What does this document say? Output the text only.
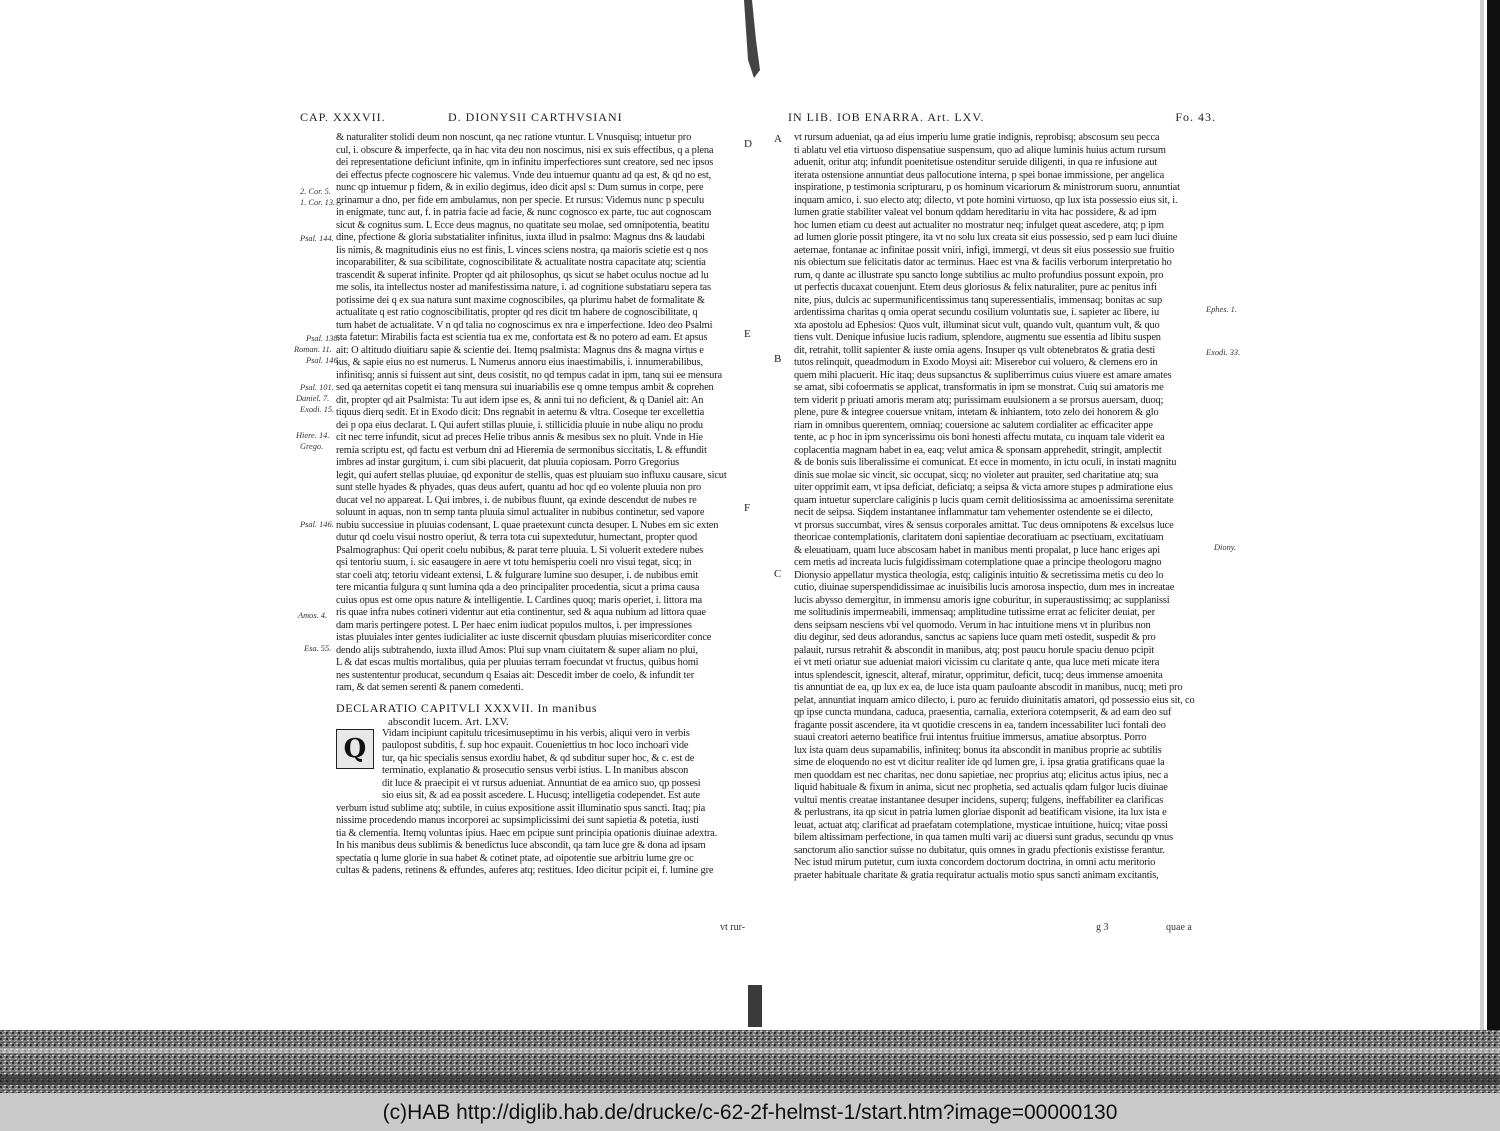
CAP. XXXVII.	D. DIONYSII CARTHVSIANI
& naturaliter stolidi deum non noscunt, qa nec ratione vtuntur. L Vnusquisq; intuetur pro
cul, i. obscure & imperfecte, qa in hac vita deu non noscimus, nisi ex suis effectibus, q a plena
dei representatione deficiunt infinite, qm in infinitu imperfectiores sunt creatore, sed nec ipsos
dei effectus pfecte cognoscere hic valemus. Vnde deu intuemur quantu ad qa est, & qd no est,
nunc qp intuemur p fidem, & in exilio degimus, ideo dicit apsl s: Dum sumus in corpe, pere
grinamur a dno, per fide em ambulamus, non per specie. Et rursus: Videmus nunc p speculu
in enigmate, tunc aut, f. in patria facie ad facie, & nunc cognosco ex parte, tuc aut cognoscam
sicut & cognitus sum. L Ecce deus magnus, no quatitate seu molae, sed omnipotentia, beatitu
dine, pfectione & gloria substatialiter infinitus, iuxta illud in psalmo: Magnus dns & laudabi
lis nimis, & magnitudinis eius no est finis, L vinces sciens nostra, qa maioris scietie est q nos
incoparabiliter, & sua scibilitate, cognoscibilitate & actualitate nostra capacitate atq; scientia
trascendit & superat infinite. Propter qd ait philosophus, qs sicut se habet oculus noctue ad lu
me solis, ita intellectus noster ad manifestissima nature, i. ad cognitione substatiaru sepera tas
potissime dei q ex sua natura sunt maxime cognoscibiles, qa plurimu habet de formalitate &
actualitate q est ratio cognoscibilitatis, propter qd res dicit tm habere de cognoscibilitate, q
tum habet de actualitate. V n qd talia no cognoscimus ex nra e imperfectione. Ideo deo Psalmi
sta fatetur: Mirabilis facta est scientia tua ex me, confortata est & no potero ad eam. Et apsus
ait: O altitudo diuitiaru sapie & scientie dei. Itemq psalmista: Magnus dns & magna virtus e
ius, & sapie eius no est numerus. L Numerus annoru eius inaestimabilis, i. innumerabilibus,
infinitisq; annis si fuissent aut sint, deus cosistit, no qd tempus cadat in ipm, tanq sui ee mensura
sed qa aeternitas copetit ei tanq mensura sui inuariabilis ese q omne tempus ambit & coprehen
dit, propter qd ait Psalmista: Tu aut idem ipse es, & anni tui no deficient, & q Daniel ait: An
tiquus dierq sedit. Et in Exodo dicit: Dns regnabit in aeternu & vltra. Coseque ter excellettia
dei p opa eius declarat. L Qui aufert stillas pluuie, i. stillicidia pluuie in nube aliqu no produ
cit nec terre infundit, sicut ad preces Helie tribus annis & mesibus sex no pluit. Vnde in Hie
remia scriptu est, qd factu est verbum dni ad Hieremia de sermonibus siccitatis, L & effundit
imbres ad instar gurgitum, i. cum sibi placuerit, dat pluuia copiosam. Porro Gregorius
legit, qui aufert stellas pluuiae, qd exponitur de stellis, quas est pluuiam suo influxu causare, sicut
sunt stelle hyades & phyades, quas deus aufert, quantu ad hoc qd eo volente pluuia non pro
ducat vel no appareat. L Qui imbres, i. de nubibus fluunt, qa exinde descendut de nubes re
soluunt in aquas, non tn semp tanta pluuia simul actualiter in nubibus continetur, sed vapore
nubiu successiue in pluuias codensant, L quae praetexunt cuncta desuper. L Nubes em sic exten
dutur qd coelu visui nostro operiut, & terra tota cui supextedutur, humectant, propter quod
Psalmographus: Qui operit coelu nubibus, & parat terre pluuia. L Si voluerit extedere nubes
qsi tentoriu suum, i. sic easaugere in aere vt totu hemisperiu coeli nro visui tegat, sicq; in
star coeli atq; tetoriu videant extensi, L & fulgurare lumine suo desuper, i. de nubibus emit
tere micantia fulgura q sunt lumina qda a deo principaliter procedentia, sicut a prima causa
cuius opus est ome opus nature & intelligentie. L Cardines quoq; maris operiet, i. littora ma
ris quae infra nubes cotineri videntur aut etia continentur, sed & aqua nubium ad littora quae
dam maris pertingere potest. L Per haec enim iudicat populos multos, i. per impressiones
istas pluuiales inter gentes iudicialiter ac iuste discernit qbusdam pluuias misericorditer conce
dendo alijs subtrahendo, iuxta illud Amos: Plui sup vnam ciuitatem & super aliam no plui,
L & dat escas multis mortalibus, quia per pluuias terram foecundat vt fructus, quibus homi
nes sustententur producat, secundum q Esaias ait: Descedit imber de coelo, & infundit ter
ram, & dat semen serenti & panem comedenti.
DECLARATIO CAPITVLI XXXVII. In manibus
abscondit lucem. Art. LXV.
Q
Vidam incipiunt capitulu tricesimuseptimu in his verbis, aliqui vero in verbis
paulopost subditis, f. sup hoc expauit. Coueniettius tn hoc loco inchoari vide
tur, qa hic specialis sensus exordiu habet, & qd subditur super hoc, & c. est de
terminatio, explanatio & prosecutio sensus verbi istius. L In manibus abscon
dit luce & praecipit ei vt rursus adueniat. Annuntiat de ea amico suo, qp possesi
sio eius sit, & ad ea possit ascedere. L Hucusq; intelligetia codependet. Est aute
verbum istud sublime atq; subtile, in cuius expositione assit illuminatio spus sancti. Itaq; pia
nissime procedendo manus incorporei ac supsimplicissimi dei sunt sapietia & potetia, iusti
tia & clementia. Itemq voluntas ipius. Haec em pcipue sunt principia opationis diuinae adextra.
In his manibus deus sublimis & benedictus luce abscondit, qa tam luce gre & dona ad ipsam
spectatia q lume glorie in sua habet & cotinet ptate, ad oipotentie sue arbitriu lume gre oc
cultas & padens, retinens & effundes, auferes atq; restitues. Ideo dicitur pcipit ei, f. lumine gre
vt rur-
2. Cor. 5.
1. Cor. 13.
Psal. 144.
Psal. 138.
Roman. 11.
Psal. 146.
Psal. 101.
Daniel. 7.
Exodi. 15.
Hiere. 14.
Grego.
Psal. 146.
Amos. 4.
Esa. 55.
D
E
F
IN LIB. IOB ENARRA. Art. LXV.	Fo. 43.
vt rursum adueniat, qa ad eius imperiu lume gratie indignis, reprobisq; abscosum seu pecca
ti ablatu vel etia virtuoso dispensatiue suspensum, quo ad alique luminis huius actum rursum
aduenit, oritur atq; infundit poenitetisue ostenditur seruide diligenti, in qua re infusione aut
iterata ostensione annuntiat deus pallocutione interna, p spei bonae immissione, per angelica
inspiratione, p testimonia scripturaru, p os hominum vicariorum & ministrorum suoru, annuntiat
inquam amico, i. suo electo atq; dilecto, vt pote homini virtuoso, qp lux ista possessio eius sit, i.
lumen gratie stabiliter valeat vel bonum qddam hereditariu in vita hac possidere, & ad ipm
hoc lumen etiam cu deest aut actualiter no mostratur neq; infulget queat ascedere, atq; p ipm
ad lumen glorie possit ptingere, ita vt no solu lux creata sit eius possessio, sed p eam luci diuine
aeternae, fontanae ac infinitae possit vniri, infigi, immergi, vt deus sit eius possessio sue fruitio
nis obiectum sue felicitatis dator ac terminus. Haec est vna & facilis verborum interpretatio ho
rum, q dante ac illustrate spu sancto longe subtilius ac multo profundius possunt expoin, pro
ut perfectis ducaxat couenjunt. Etem deus gloriosus & felix naturaliter, pure ac penitus infi
nite, pius, dulcis ac supermunificentissimus tanq superessentialis, immensaq; bonitas ac sup
ardentissima charitas q omia operat secundu cosilium voluntatis sue, i. sapieter ac libere, iu
xta apostolu ad Ephesios: Quos vult, illuminat sicut vult, quando vult, quantum vult, & quo
tiens vult. Denique infusiue lucis radium, splendore, augmentu sue essentia ad libitu suspen
dit, retrahit, tollit sapienter & iuste omia agens. Insuper qs vult obtenebratos & gratia desti
tutos relinquit, queadmodum in Exodo Moysi ait: Miserebor cui voluero, & clemens ero in
quem mihi placuerit. Hic itaq; deus supsanctus & supliberrimus cuius viuere est amare amates
se amat, sibi cofoermatis se applicat, transformatis in ipm se monstrat. Cuiq sui amatoris me
tem viderit p priuati amoris meram atq; purissimam euulsionem a se prorsus auersam, duoq;
plene, pure & integree couersue vnitam, intetam & inhiantem, toto zelo dei honorem & glo
riam in omnibus querentem, omniaq; couersione ac salutem cordialiter ac efficaciter appe
tente, ac p hoc in ipm syncerissimu ois boni honesti affectu mutata, cu inquam tale viderit ea
coplacentia magnam habet in ea, eaq; velut amica & sponsam apprehedit, stringit, amplectit
& de bonis suis liberalissime ei comunicat. Et ecce in momento, in ictu oculi, in instati magnitu
dinis sue molae sic vincit, sic occupat, sicq; no violeter aut prauiter, sed charitatiue atq; sua
uiter opprimit eam, vt ipsa deficiat, deficiatq; a seipsa & victa amore stupes p admiratione eius
quam intuetur superclare caliginis p lucis quam cernit delitiosissima ac amoenissima serenitate
necit de seipsa. Siqdem instantanee inflammatur tam vehementer ostendente se ei dilecto,
vt prorsus succumbat, vires & sensus corporales amittat. Tuc deus omnipotens & excelsus luce
theoricae contemplationis, claritatem doni sapientiae decoratiuam ac psectiuam, excitatiuam
& eleuatiuam, quam luce abscosam habet in manibus menti propalat, p luce hanc eriges api
cem metis ad increata lucis fulgidissimam cotemplatione quae a principe theologoru magno
Dionysio appellatur mystica theologia, estq; caliginis intuitio & secretissima metis cu deo lo
cutio, diuinae superspendidissimae ac inuisibilis lucis amorosa inspectio, dum mes in increatae
lucis abysso demergitur, in immensu amoris igne coburitur, in superaustissimq; ac supplanissi
me solitudinis impermeabili, immensaq; amplitudine tutissime errat ac feliciter deuiat, per
dens seipsam nesciens vbi vel quomodo. Verum in hac intuitione mens vt in pluribus non
diu degitur, sed deus adorandus, sanctus ac sapiens luce quam meti ostedit, suspedit & pro
palauit, rursus retrahit & abscondit in manibus, atq; post paucu horule spaciu denuo pcipit
ei vt meti oriatur sue adueniat maiori vicissim cu claritate q ante, qua luce meti micate itera
intus splendescit, ignescit, alteraf, miratur, opprimitur, deficit, tucq; deus immense amoenita
tis annuntiat de ea, qp lux ex ea, de luce ista quam pauloante abscodit in manibus, nucq; meti pro
pelat, annuntiat inquam amico dilecto, i. puro ac feruido diuinitatis amatori, qd possessio eius sit, co
qp ipse cuncta mundana, caduca, praesentia, carnalia, exteriora cotempserit, & ad eam deo suf
fragante possit ascendere, ita vt quotidie crescens in ea, tandem incessabiliter luci fontali deo
suaui creatori aeterno beatifice frui intentus fruitiue immersus, amatiue absorptus. Porro
lux ista quam deus supamabilis, infiniteq; bonus ita abscondit in manibus proprie ac subtilis
sime de eloquendo no est vt dicitur realiter ide qd lumen gre, i. ipsa gratia gratificans quae la
men quoddam est nec charitas, nec donu sapietiae, nec proprius atq; elicitus actus ipius, nec a
liquid habituale & fixum in anima, sicut nec prophetia, sed actualis qdam fulgor lucis diuinae
vultui mentis creatae instantanee desuper incidens, superq; fulgens, ineffabiliter ea clarificas
& perlustrans, ita qp sicut in patria lumen gloriae disponit ad beatificam visione, ita lux ista e
leuat, actuat atq; clarificat ad praefatam cotemplatione, mysticae intuitione, huicq; vitae possi
bilem altissimam perfectione, in qua tamen multi varij ac diuersi sunt gradus, secundu qp vnus
sanctorum alio sanctior suisse no dubitatur, quis omnes in gradu pfectionis existisse ferantur.
Nec istud mirum putetur, cum iuxta concordem doctorum doctrina, in omni actu meritorio
praeter habituale charitate & gratia requiratur actualis motio spus sancti animam excitantis,
g 3	quae a
A
B
C
Ephes. 1.
Exodi. 33.
Diony.
(c)HAB http://diglib.hab.de/drucke/c-62-2f-helmst-1/start.htm?image=00000130
